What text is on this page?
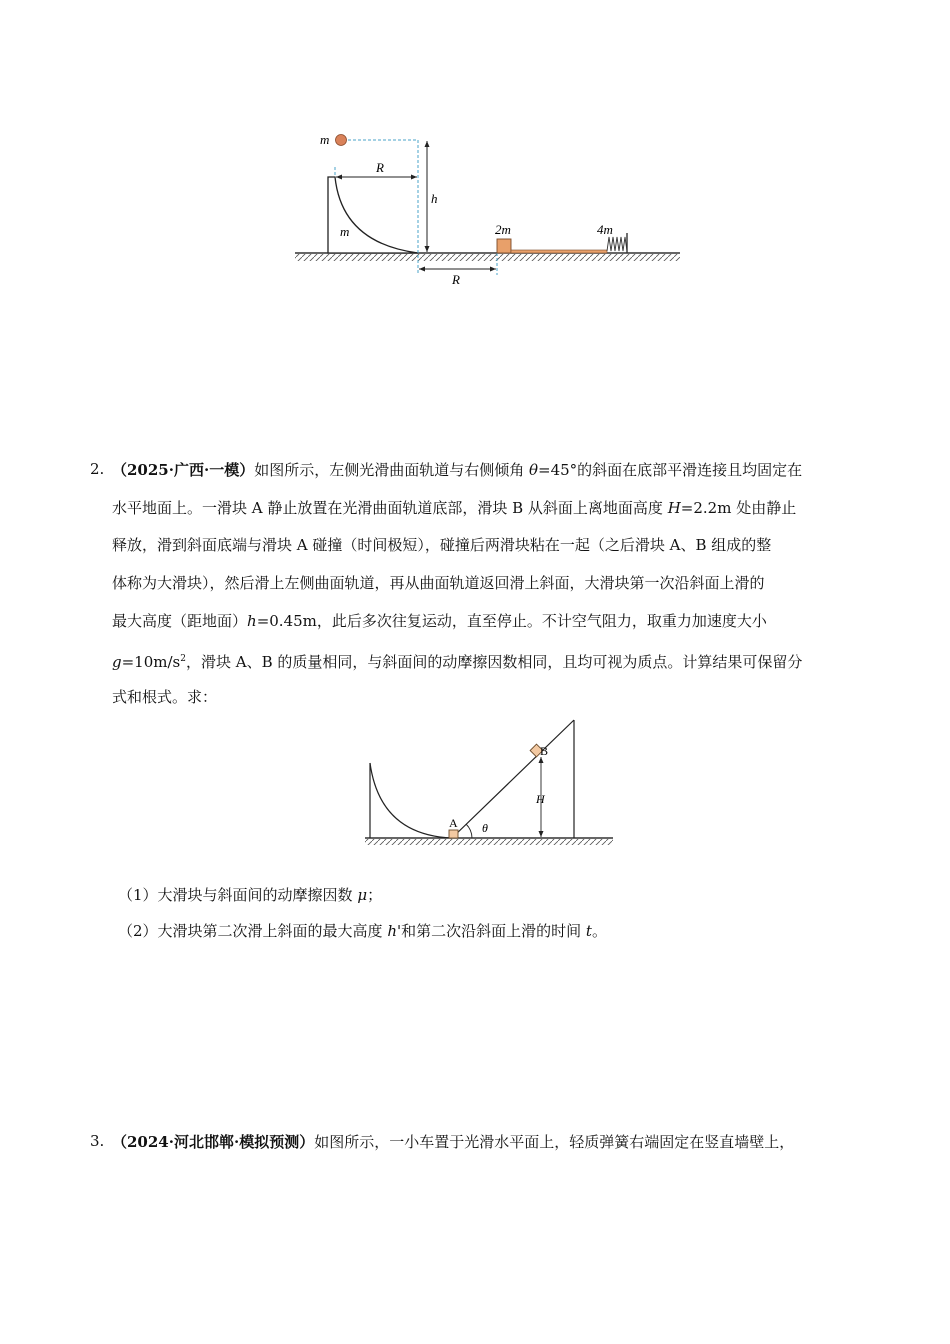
m
R
h
m	2m	4m
R
2. （2025·广西·一模）如图所示，左侧光滑曲面轨道与右侧倾角 θ=45°的斜面在底部平滑连接且均固定在
水平地面上。一滑块 A 静止放置在光滑曲面轨道底部，滑块 B 从斜面上离地面高度 H=2.2m 处由静止
释放，滑到斜面底端与滑块 A 碰撞（时间极短），碰撞后两滑块粘在一起（之后滑块 A、B 组成的整
体称为大滑块），然后滑上左侧曲面轨道，再从曲面轨道返回滑上斜面，大滑块第一次沿斜面上滑的
最大高度（距地面）h=0.45m，此后多次往复运动，直至停止。不计空气阻力，取重力加速度大小
$g=10m/s^2$，滑块 A、B 的质量相同，与斜面间的动摩擦因数相同，且均可视为质点。计算结果可保留分
式和根式。求：
A
B
H
θ
（1）大滑块与斜面间的动摩擦因数 μ；
（2）大滑块第二次滑上斜面的最大高度 h'和第二次沿斜面上滑的时间 t。
3. （2024·河北邯郸·模拟预测）如图所示，一小车置于光滑水平面上，轻质弹簧右端固定在竖直墙壁上，
